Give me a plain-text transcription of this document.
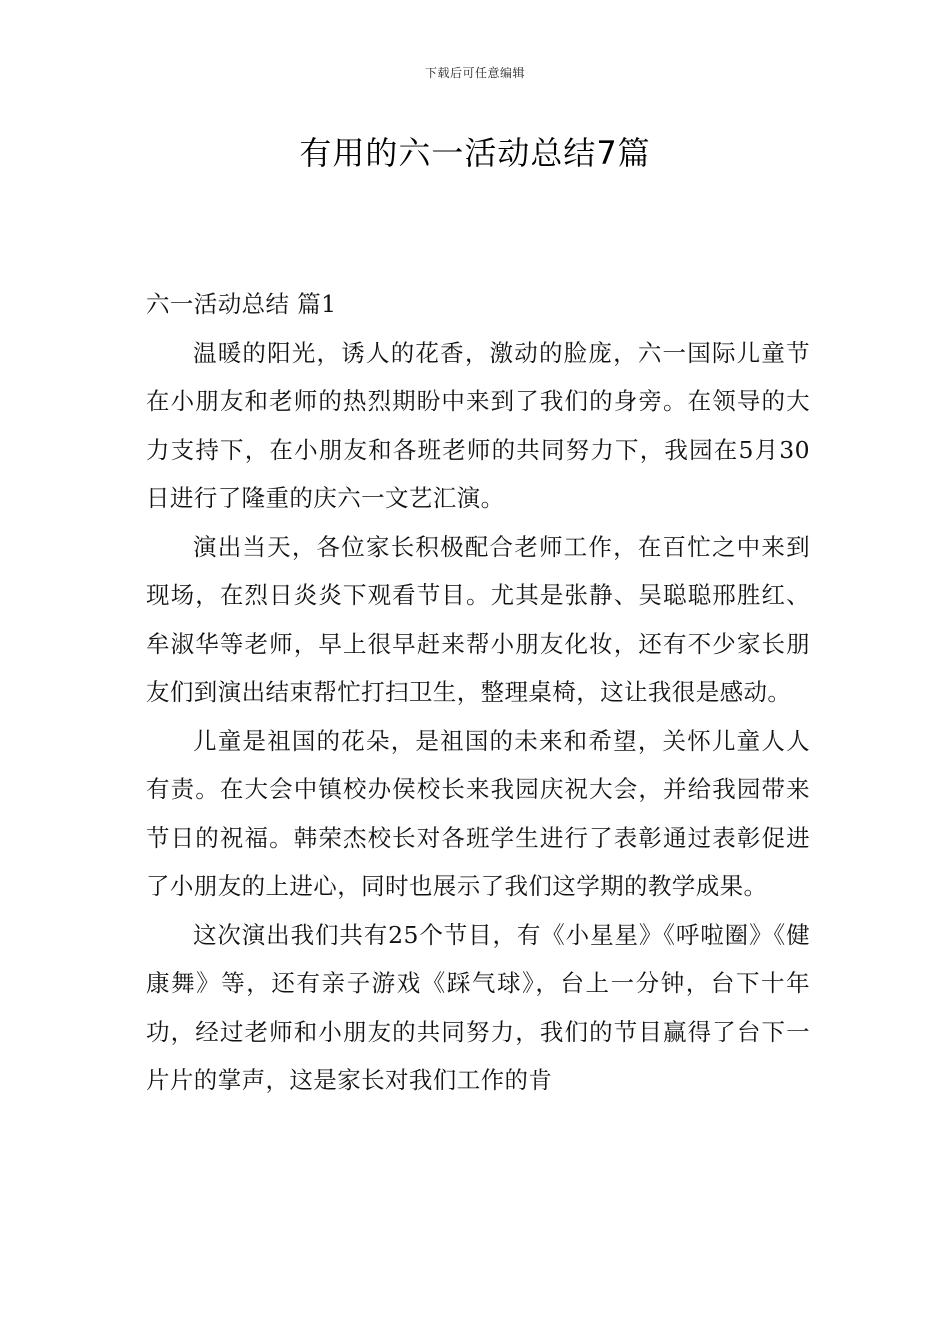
下载后可任意编辑
有用的六一活动总结7篇

六一活动总结 篇1

温暖的阳光，诱人的花香，激动的脸庞，六一国际儿童节在小朋友和老师的热烈期盼中来到了我们的身旁。在领导的大力支持下，在小朋友和各班老师的共同努力下，我园在5月30日进行了隆重的庆六一文艺汇演。

演出当天，各位家长积极配合老师工作，在百忙之中来到现场，在烈日炎炎下观看节目。尤其是张静、吴聪聪邢胜红、牟淑华等老师，早上很早赶来帮小朋友化妆，还有不少家长朋友们到演出结束帮忙打扫卫生，整理桌椅，这让我很是感动。

儿童是祖国的花朵，是祖国的未来和希望，关怀儿童人人有责。在大会中镇校办侯校长来我园庆祝大会，并给我园带来节日的祝福。韩荣杰校长对各班学生进行了表彰通过表彰促进了小朋友的上进心，同时也展示了我们这学期的教学成果。

这次演出我们共有25个节目，有《小星星》《呼啦圈》《健康舞》等，还有亲子游戏《踩气球》，台上一分钟，台下十年功，经过老师和小朋友的共同努力，我们的节目赢得了台下一片片的掌声，这是家长对我们工作的肯
